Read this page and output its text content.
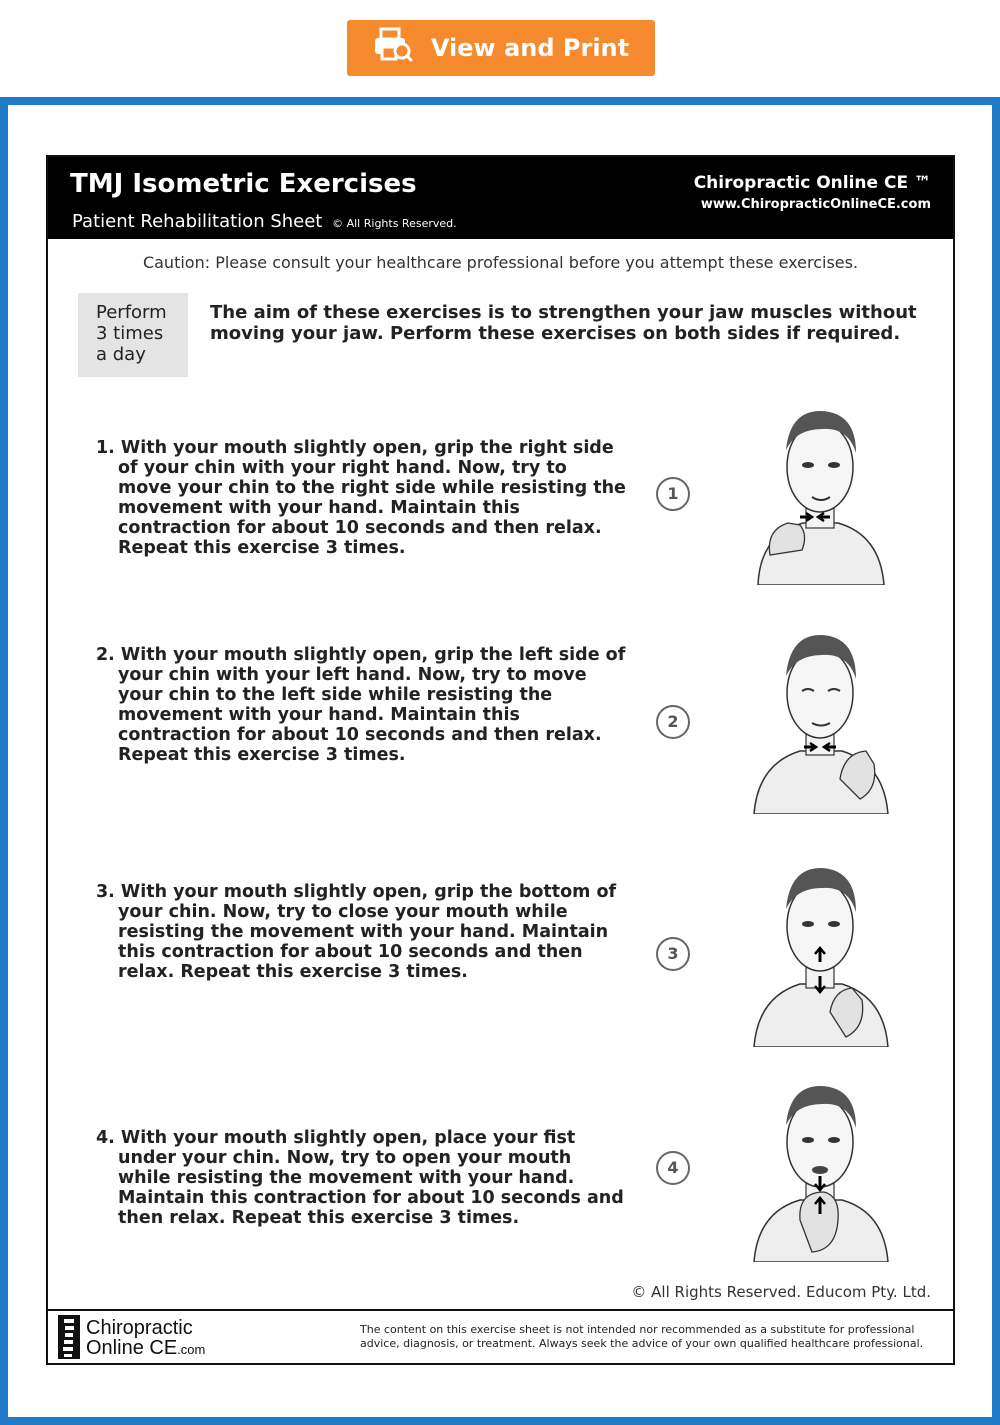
View and Print
TMJ Isometric Exercises
Patient Rehabilitation Sheet © All Rights Reserved.
Chiropractic Online CE ™
www.ChiropracticOnlineCE.com
Caution: Please consult your healthcare professional before you attempt these exercises.
Perform
3 times
a day
The aim of these exercises is to strengthen your jaw muscles without moving your jaw. Perform these exercises on both sides if required.

1. With your mouth slightly open, grip the right side of your chin with your right hand. Now, try to move your chin to the right side while resisting the movement with your hand. Maintain this contraction for about 10 seconds and then relax. Repeat this exercise 3 times.

1

2. With your mouth slightly open, grip the left side of your chin with your left hand. Now, try to move your chin to the left side while resisting the movement with your hand. Maintain this contraction for about 10 seconds and then relax. Repeat this exercise 3 times.

2

3. With your mouth slightly open, grip the bottom of your chin. Now, try to close your mouth while resisting the movement with your hand. Maintain this contraction for about 10 seconds and then relax. Repeat this exercise 3 times.

3

4. With your mouth slightly open, place your fist under your chin. Now, try to open your mouth while resisting the movement with your hand. Maintain this contraction for about 10 seconds and then relax. Repeat this exercise 3 times.

4
© All Rights Reserved. Educom Pty. Ltd.
Chiropractic
Online CE.com
The content on this exercise sheet is not intended nor recommended as a substitute for professional advice, diagnosis, or treatment. Always seek the advice of your own qualified healthcare professional.
